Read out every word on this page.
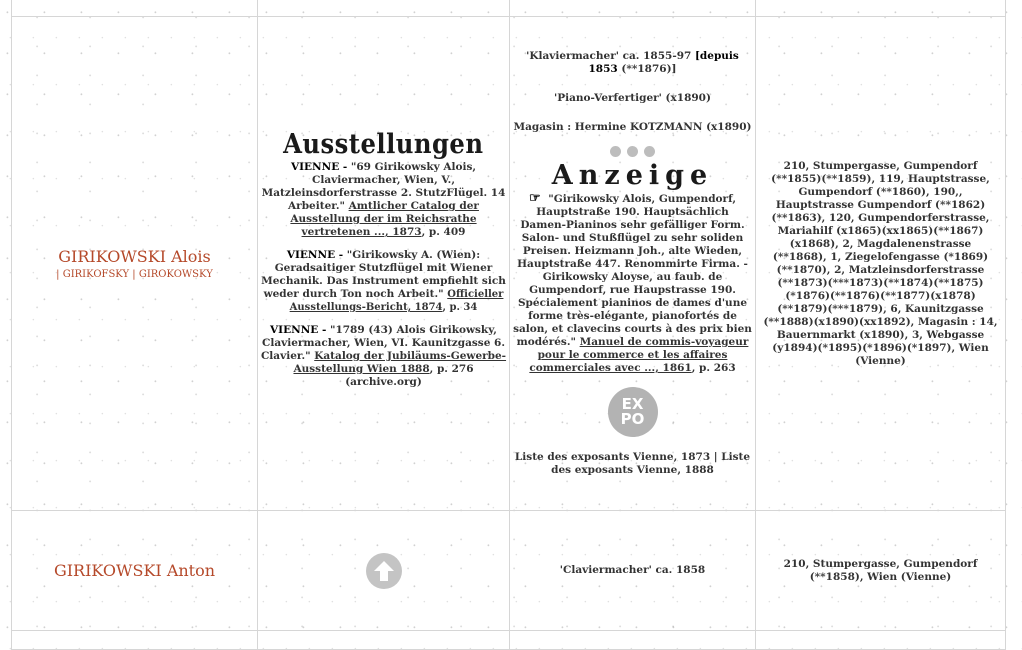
GIRIKOWSKI Alois
| GIRIKOFSKY | GIROKOWSKY
Ausstellungen
VIENNE - "69 Girikowsky Alois, Claviermacher, Wien, V., Matzleinsdorferstrasse 2. StutzFlügel. 14 Arbeiter." Amtlicher Catalog der Ausstellung der im Reichsrathe vertretenen ..., 1873, p. 409
VIENNE - "Girikowsky A. (Wien): Geradsaitiger Stutzflügel mit Wiener Mechanik. Das Instrument empfiehlt sich weder durch Ton noch Arbeit." Officieller Ausstellungs-Bericht, 1874, p. 34
VIENNE - "1789 (43) Alois Girikowsky, Claviermacher, Wien, VI. Kaunitzgasse 6. Clavier." Katalog der Jubiläums-Gewerbe-Ausstellung Wien 1888, p. 276 (archive.org)
'Klaviermacher' ca. 1855-97 [depuis 1853 (**1876)]
'Piano-Verfertiger' (x1890)
Magasin : Hermine KOTZMANN (x1890)
Anzeige
☞ "Girikowsky Alois, Gumpendorf, Hauptstraße 190. Hauptsächlich Damen-Pianinos sehr gefälliger Form. Salon- und Stußflügel zu sehr soliden Preisen. Heizmann Joh., alte Wieden, Hauptstraße 447. Renommirte Firma. - Girikowsky Aloyse, au faub. de Gumpendorf, rue Haupstrasse 190. Spécialement pianinos de dames d'une forme très-elégante, pianofortés de salon, et clavecins courts à des prix bien modérés." Manuel de commis-voyageur pour le commerce et les affaires commerciales avec ..., 1861, p. 263
EX
PO
Liste des exposants Vienne, 1873 | Liste des exposants Vienne, 1888
210, Stumpergasse, Gumpendorf (**1855)(**1859), 119, Hauptstrasse, Gumpendorf (**1860), 190,, Hauptstrasse Gumpendorf (**1862)(**1863), 120, Gumpendorferstrasse, Mariahilf (x1865)(xx1865)(**1867)(x1868), 2, Magdalenenstrasse (**1868), 1, Ziegelofengasse (*1869)(**1870), 2, Matzleinsdorferstrasse (**1873)(***1873)(**1874)(**1875)(*1876)(**1876)(**1877)(x1878)(**1879)(***1879), 6, Kaunitzgasse (**1888)(x1890)(xx1892), Magasin : 14, Bauernmarkt (x1890), 3, Webgasse (y1894)(*1895)(*1896)(*1897), Wien (Vienne)
GIRIKOWSKI Anton	'Claviermacher' ca. 1858
210, Stumpergasse, Gumpendorf (**1858), Wien (Vienne)
